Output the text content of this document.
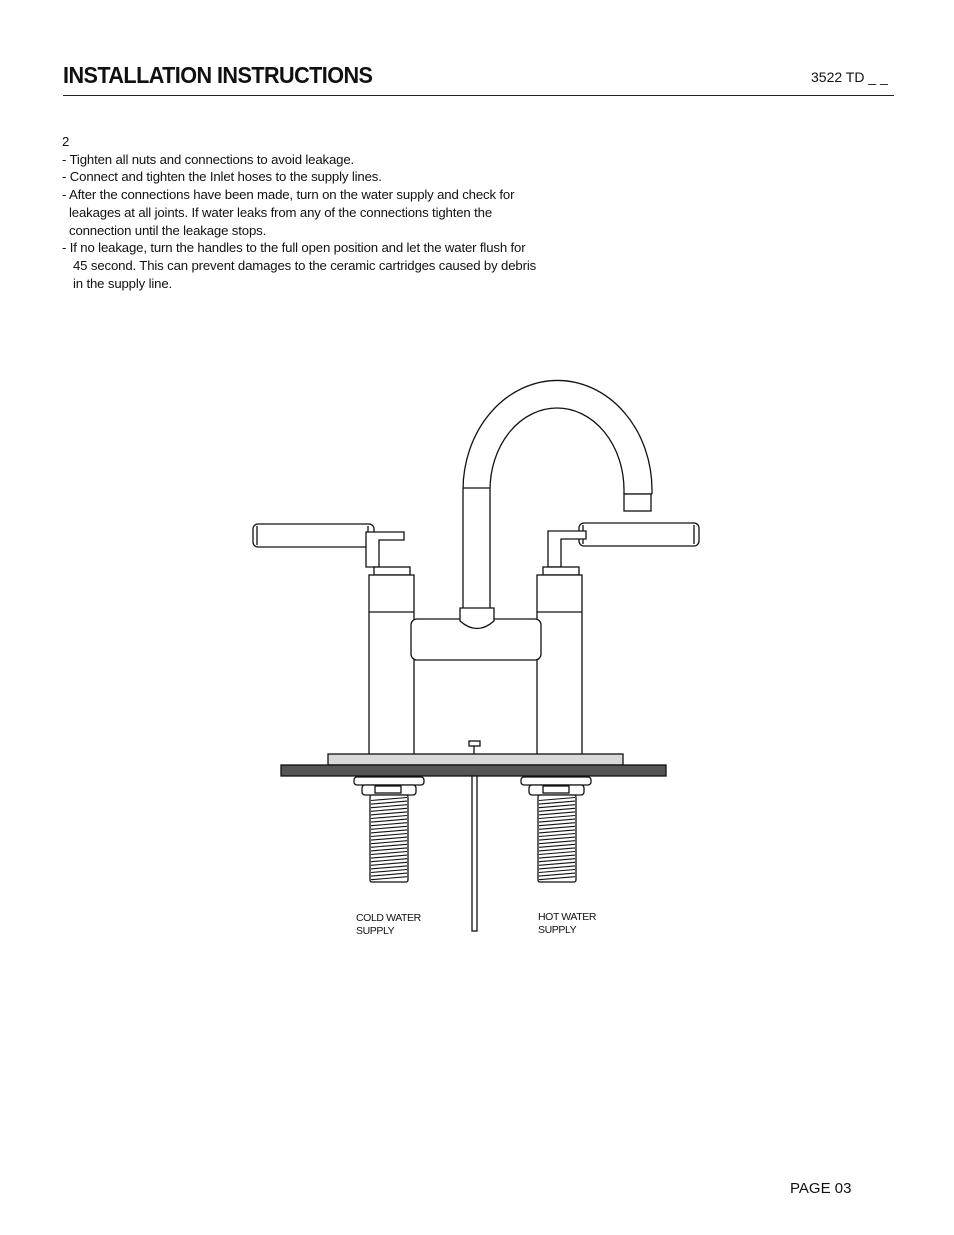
INSTALLATION INSTRUCTIONS	3522 TD _ _
2
- Tighten all nuts and connections to avoid leakage.
- Connect and tighten the Inlet hoses to the supply lines.
- After the connections have been made, turn on the water supply and check for
leakages at all joints. If water leaks from any of the connections tighten the
connection until the leakage stops.
- If no leakage, turn the handles to the full open position and let the water flush for
45 second. This can prevent damages to the ceramic cartridges caused by debris
in the supply line.
COLD WATER
SUPPLY
HOT WATER
SUPPLY
PAGE 03
